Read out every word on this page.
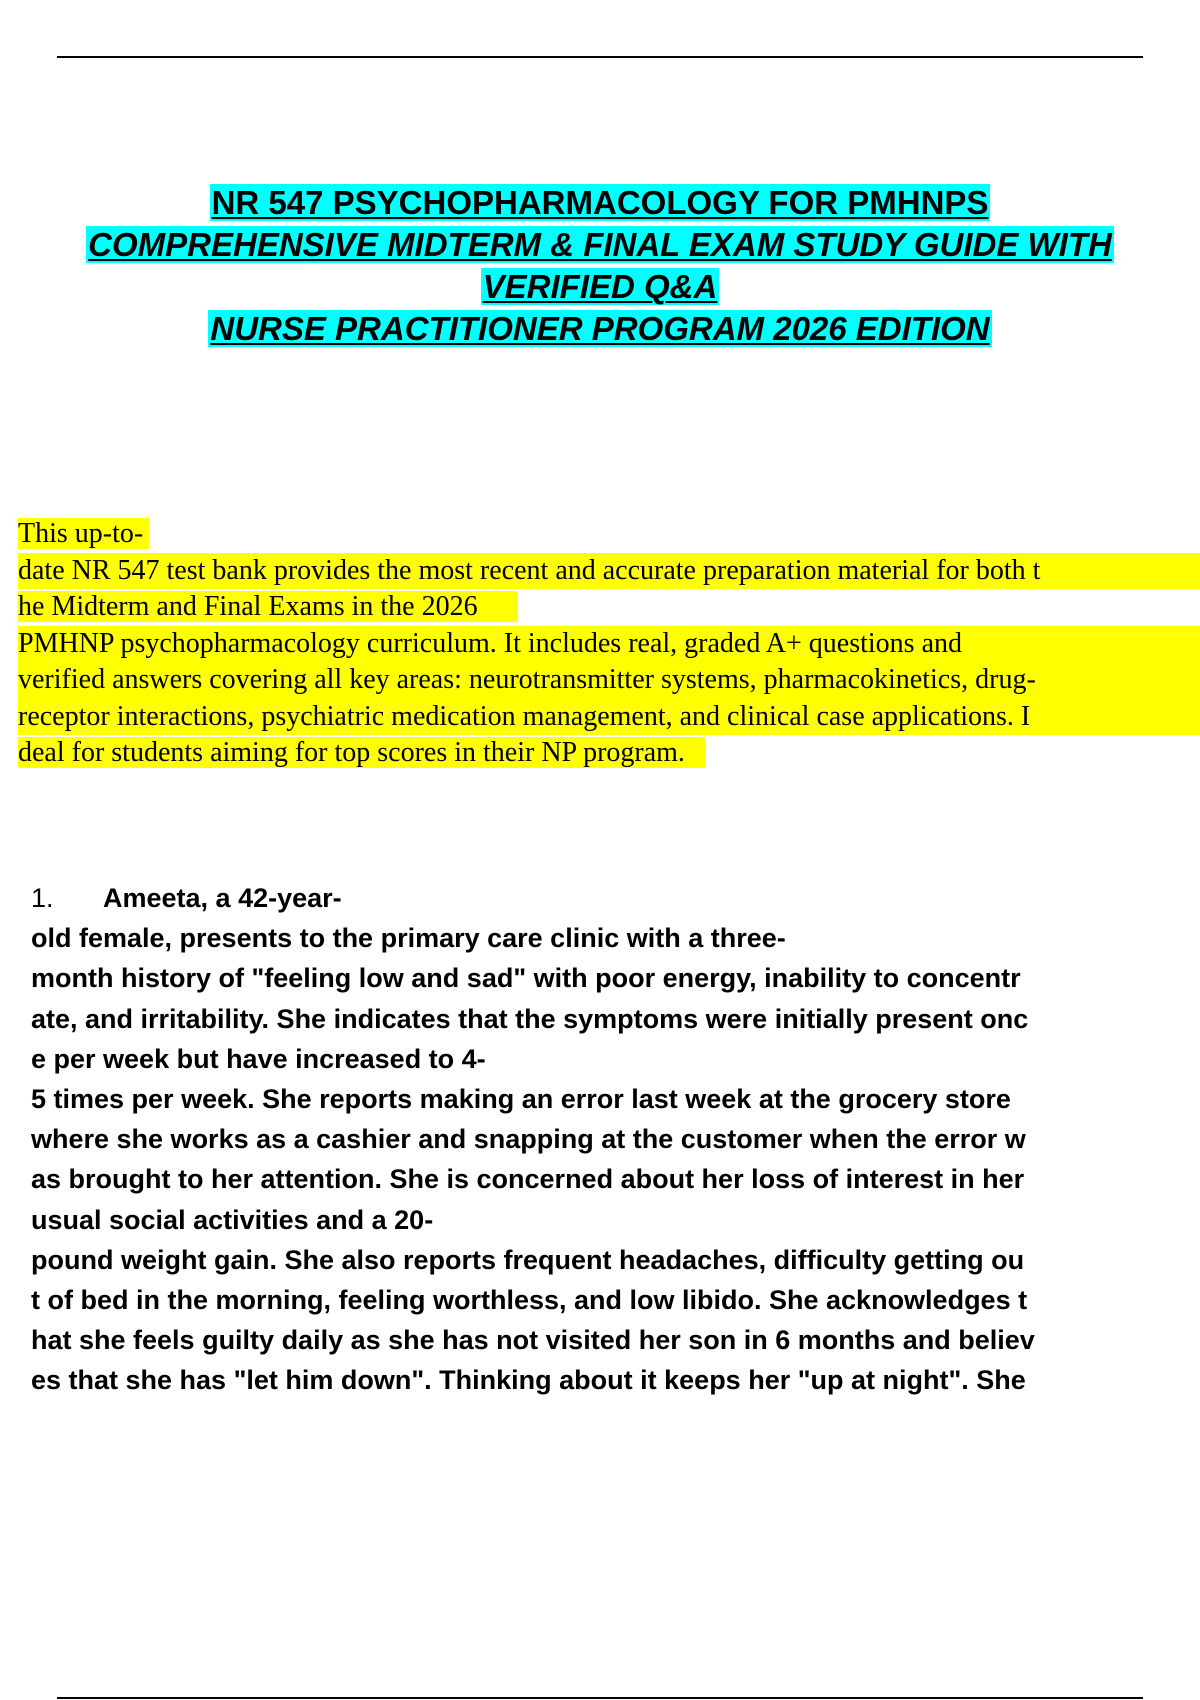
NR 547 PSYCHOPHARMACOLOGY FOR PMHNPS
COMPREHENSIVE MIDTERM & FINAL EXAM STUDY GUIDE WITH
VERIFIED Q&A
NURSE PRACTITIONER PROGRAM 2026 EDITION
This up-to-
date NR 547 test bank provides the most recent and accurate preparation material for both t
he Midterm and Final Exams in the 2026
PMHNP psychopharmacology curriculum. It includes real, graded A+ questions and
verified answers covering all key areas: neurotransmitter systems, pharmacokinetics, drug-
receptor interactions, psychiatric medication management, and clinical case applications. I
deal for students aiming for top scores in their NP program.
1. Ameeta, a 42-year-
old female, presents to the primary care clinic with a three-
month history of "feeling low and sad" with poor energy, inability to concentr
ate, and irritability. She indicates that the symptoms were initially present onc
e per week but have increased to 4-
5 times per week. She reports making an error last week at the grocery store
where she works as a cashier and snapping at the customer when the error w
as brought to her attention. She is concerned about her loss of interest in her
usual social activities and a 20-
pound weight gain. She also reports frequent headaches, difficulty getting ou
t of bed in the morning, feeling worthless, and low libido. She acknowledges t
hat she feels guilty daily as she has not visited her son in 6 months and believ
es that she has "let him down". Thinking about it keeps her "up at night". She
